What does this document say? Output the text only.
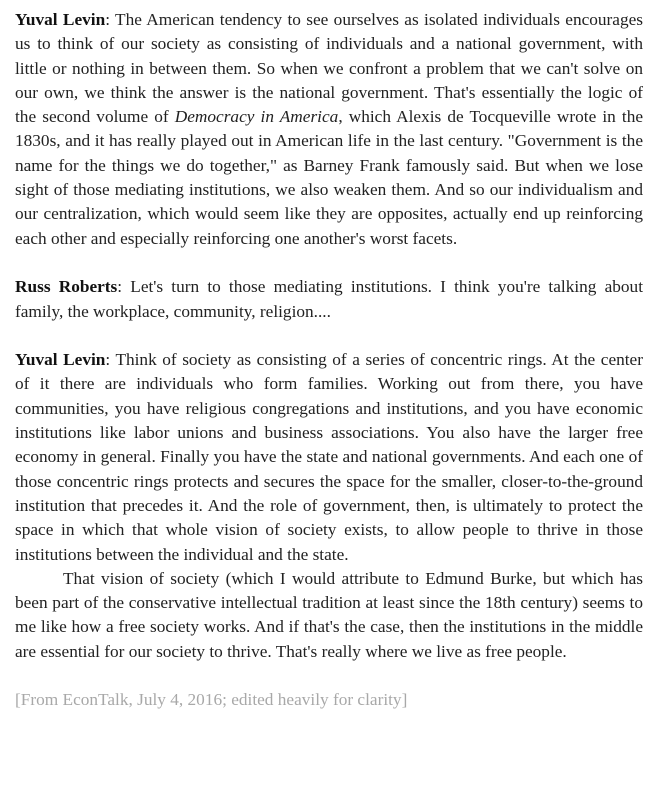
Yuval Levin: The American tendency to see ourselves as isolated individuals encourages us to think of our society as consisting of individuals and a national government, with little or nothing in between them. So when we confront a problem that we can't solve on our own, we think the answer is the national government. That's essentially the logic of the second volume of Democracy in America, which Alexis de Tocqueville wrote in the 1830s, and it has really played out in American life in the last century. "Government is the name for the things we do together," as Barney Frank famously said. But when we lose sight of those mediating institutions, we also weaken them. And so our individualism and our centralization, which would seem like they are opposites, actually end up reinforcing each other and especially reinforcing one another's worst facets.

Russ Roberts: Let's turn to those mediating institutions. I think you're talking about family, the workplace, community, religion....

Yuval Levin: Think of society as consisting of a series of concentric rings. At the center of it there are individuals who form families. Working out from there, you have communities, you have religious congregations and institutions, and you have economic institutions like labor unions and business associations. You also have the larger free economy in general. Finally you have the state and national governments. And each one of those concentric rings protects and secures the space for the smaller, closer-to-the-ground institution that precedes it. And the role of government, then, is ultimately to protect the space in which that whole vision of society exists, to allow people to thrive in those institutions between the individual and the state.

That vision of society (which I would attribute to Edmund Burke, but which has been part of the conservative intellectual tradition at least since the 18th century) seems to me like how a free society works. And if that's the case, then the institutions in the middle are essential for our society to thrive. That's really where we live as free people.

[From EconTalk, July 4, 2016; edited heavily for clarity]
